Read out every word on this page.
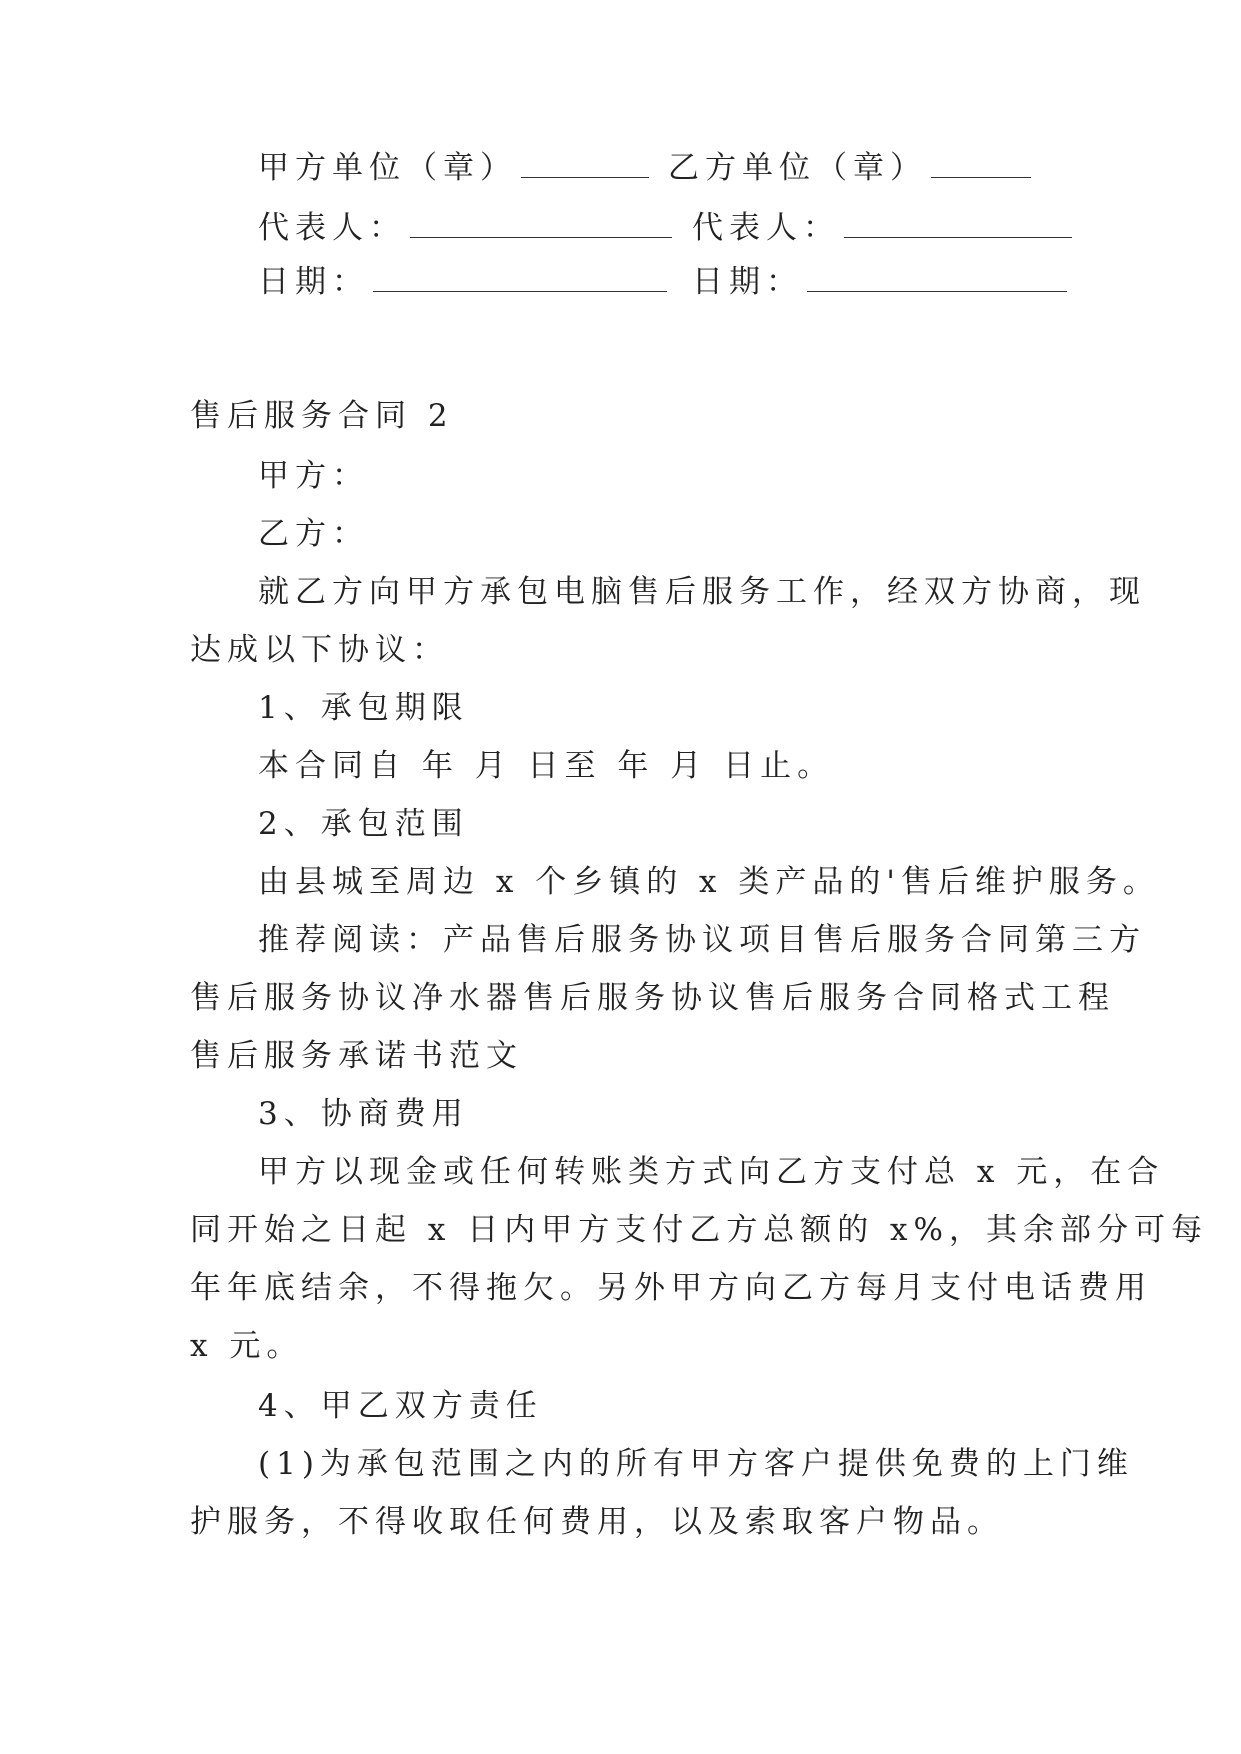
甲方单位（章）	乙方单位（章）
代表人：	代表人：
日期：	日期：
售后服务合同 2
甲方：
乙方：
就乙方向甲方承包电脑售后服务工作，经双方协商，现
达成以下协议：
1、承包期限
本合同自 年 月 日至 年 月 日止。
2、承包范围
由县城至周边 x 个乡镇的 x 类产品的'售后维护服务。
推荐阅读：产品售后服务协议项目售后服务合同第三方
售后服务协议净水器售后服务协议售后服务合同格式工程
售后服务承诺书范文
3、协商费用
甲方以现金或任何转账类方式向乙方支付总 x 元，在合
同开始之日起 x 日内甲方支付乙方总额的 x%，其余部分可每
年年底结余，不得拖欠。另外甲方向乙方每月支付电话费用
x 元。
4、甲乙双方责任
(1)为承包范围之内的所有甲方客户提供免费的上门维
护服务，不得收取任何费用，以及索取客户物品。
